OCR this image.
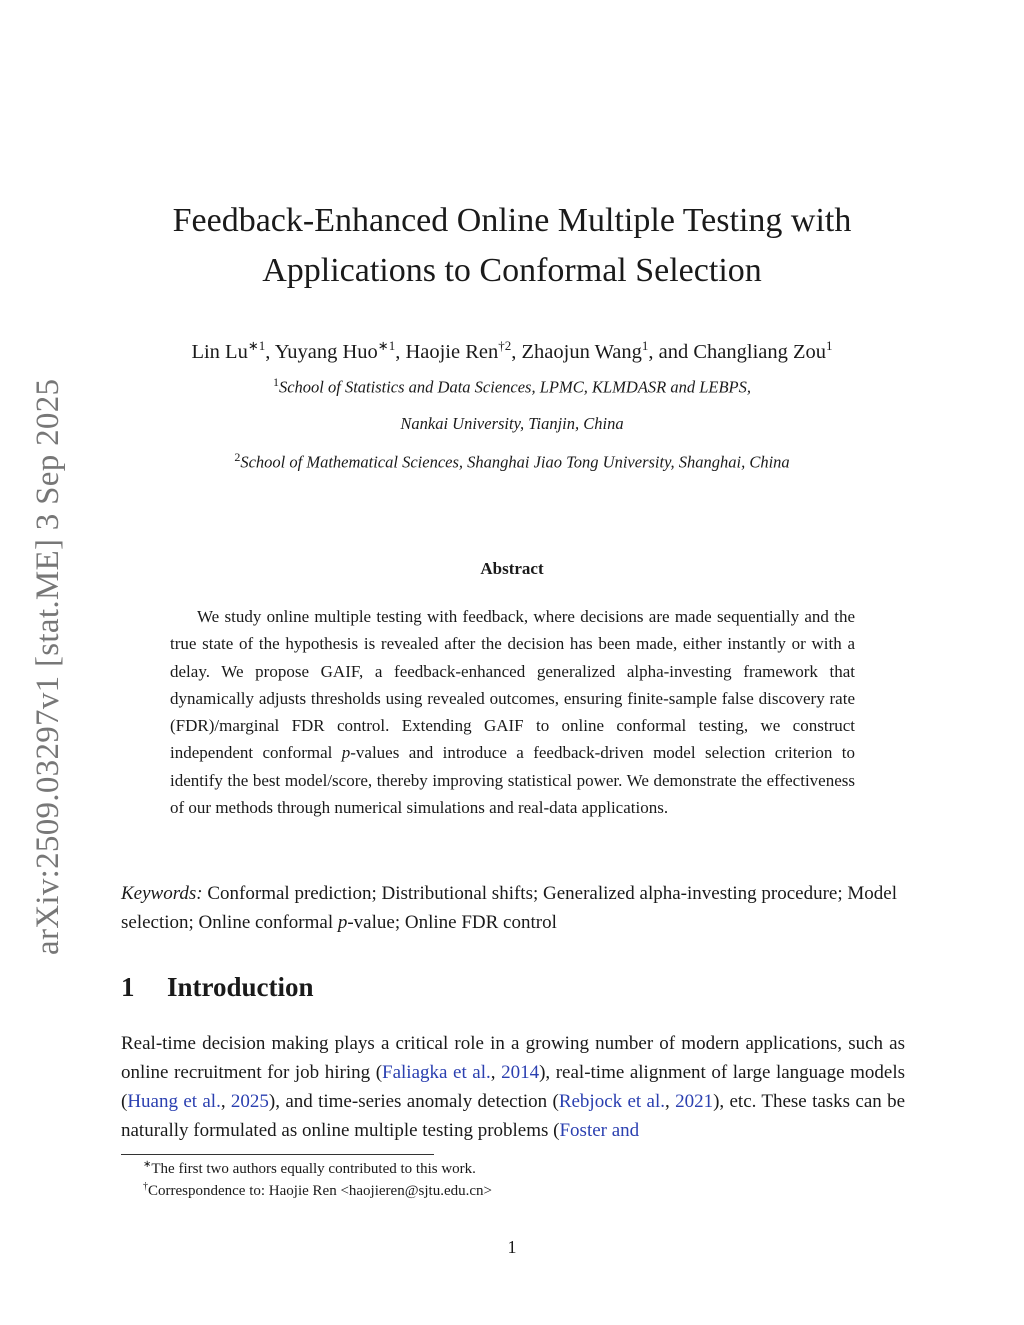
arXiv:2509.03297v1 [stat.ME] 3 Sep 2025
Feedback-Enhanced Online Multiple Testing with
Applications to Conformal Selection
Lin $Lu^{∗1}$, Yuyang Huo$^{∗1}$, Haojie Ren$^{\dagger 2}$, Zhaojun Wang$^1$, and Changliang Zou$^1$
$^1$School of Statistics and Data Sciences, LPMC, KLMDASR and LEBPS,
Nankai University, Tianjin, China
$^2$School of Mathematical Sciences, Shanghai Jiao Tong University, Shanghai, China
Abstract

We study online multiple testing with feedback, where decisions are made sequentially and the true state of the hypothesis is revealed after the decision has been made, either instantly or with a delay. We propose GAIF, a feedback-enhanced generalized alpha-investing framework that dynamically adjusts thresholds using revealed outcomes, ensuring finite-sample false discovery rate (FDR)/marginal FDR control. Extending GAIF to online conformal testing, we construct independent conformal p-values and introduce a feedback-driven model selection criterion to identify the best model/score, thereby improving statistical power. We demonstrate the effectiveness of our methods through numerical simulations and real-data applications.

Keywords: Conformal prediction; Distributional shifts; Generalized alpha-investing procedure; Model selection; Online conformal p-value; Online FDR control

1 Introduction

Real-time decision making plays a critical role in a growing number of modern applications, such as online recruitment for job hiring (Faliagka et al., 2014), real-time alignment of large language models (Huang et al., 2025), and time-series anomaly detection (Rebjock et al., 2021), etc. These tasks can be naturally formulated as online multiple testing problems (Foster and

∗The first two authors equally contributed to this work.

†Correspondence to: Haojie Ren <haojieren@sjtu.edu.cn>

1
